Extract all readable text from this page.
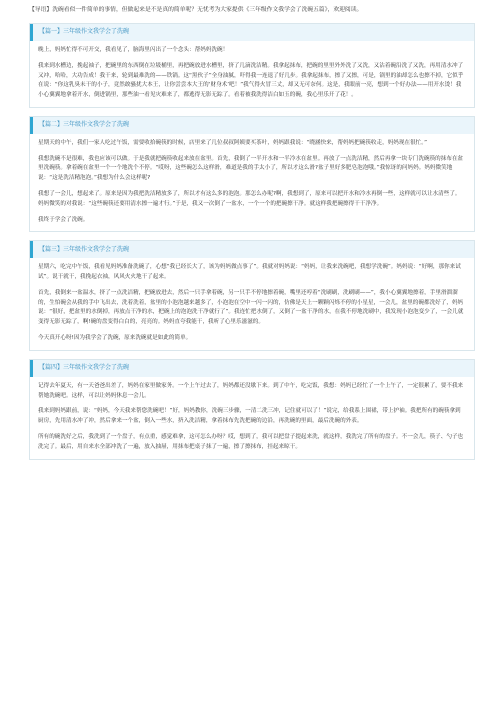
【导语】洗碗看似一件简单的事情，但做起来是不是真的简单呢？无忧考为大家提供《三年级作文我学会了洗碗五篇》，欢迎阅读。

【篇一】三年级作文我学会了洗碗

晚上，妈妈忙得不可开交，我看见了，脑海里闪出了一个念头：帮妈妈洗碗！

我来到水槽边，挽起袖子，把碗里的东西倒在垃圾桶里，再把碗放进水槽里，挤了几滴洗洁精。我拿起抹布，把碗的里里外外洗了又洗，又沾着碗沿洗了又洗，再用清水冲了又冲，哈哈，大功告成！我干来，轮到最难洗的——铁锅。这“黑伙子”全身油腻，吓得我一连退了好几步。我拿起抹布，擦了又擦，可是，锅里的油却怎么也擦不掉，它似乎在说：“你这乳臭未干的小子，竟然敢骚扰大本王，让你尝尝本大王的‘财身术’吧！”我气得火冒三丈，却又无可奈何。这是，我眼前一亮，想到一个好办法——用开水烫！我小心翼翼地拿着开水，倒进锅里，那些油一看见灾难来了，都逃得无影无踪了。看着被我洗得洁白如玉的碗，我心里乐开了花！。

【篇二】三年级作文我学会了洗碗

星期天的中午，我们一家人吃过午饭，需要收拾碗筷的时候，店里来了几位叔叔阿姨要买茶叶，妈妈跟我说：“晓涵快来，帮妈妈把碗筷收走，妈妈现在很忙。”

我想洗碗不是很难，我也应该可以做。于是我就把碗筷收起来放在盆里。首先，我倒了一半开水和一半冷水在盆里。再放了一点洗洁精，然后再拿一块专门洗碗筷的抹布在盆里洗碗筷。拿着碗在盆里一个一个地洗个不停。“哎呀，这些碗怎么这样滑，难道是我的手太小了，所以才这么滑?盆子里好多肥皂泡泡哦。”我惊讶的问妈妈。妈妈微笑地说：“这是洗洁精泡泡。”我想为什么会这样呢?

我想了一会儿，想起来了。原来是因为我把洗洁精放多了，所以才有这么多的泡泡。那怎么办呢?啊，我想到了，原来可以把开水和冷水再倒一些，这样就可以让水清些了。妈妈微笑的对我说：“这些碗筷还要用清水擦一遍才行。”于是，我又一次倒了一盆水，一个一个的把碗擦干净。就这样我把碗擦得干干净净。

我终于学会了洗碗。

【篇三】三年级作文我学会了洗碗

星期六，吃完中午饭，我看见妈妈准备洗碗了，心想“我已经长大了，该为妈妈做点事了”。我就对妈妈说：“妈妈，让我来洗碗吧，我想学洗碗”。妈妈说：“好啊，那你来试试”。说干就干，我挽起衣袖，风风火火地干了起来。

首先，我倒来一盆温水，挤了一点洗洁精，把碗放进去，然后一只手拿着碗，另一只手不停地擦着碗，嘴里还哼着“洗刷刷，洗刷刷——”，我小心翼翼地擦着，手里滑溜溜的，生怕碗会从我的手中飞出去，洗着洗着，盆里的小泡泡越来越多了，小泡泡在空中一闪一闪的，仿佛是天上一颗颗闪烁不停的小星星，一会儿，盆里的碗都洗好了，妈妈说：“很好，把盆里的水倒掉，再放点干净的水，把碗上的泡泡洗干净就行了”。我连忙把水倒了，又倒了一盆干净的水，在我不停地洗刷中，我发现小泡泡变少了，一会儿就变得无影无踪了，啊!碗的盘变得白白的，亮亮的。妈妈直夸我能干，我听了心里乐滋滋的。

今天真开心呀!因为我学会了洗碗，原来洗碗就是如此的简单。

【篇四】三年级作文我学会了洗碗

记得去年夏天，有一天爸爸出差了，妈妈在家里做家务。一个上午过去了，妈妈都还没歇下来。到了中午，吃完饭，我想：妈妈已经忙了一个上午了，一定很累了，要不我来帮她洗碗吧。这样，可以让妈妈休息一会儿。

我来到妈妈跟前，说：“妈妈，今天我来帮您洗碗吧！”好，妈妈教你，洗碗三步骤，一清二洗三冲，记住就可以了！”说完，给我系上围裙，带上护袖。我把所有的碗筷拿到厨房，先用清水冲了冲，然后拿来一个盆，倒入一些水，挤入洗洁精，拿着抹布先洗把碗的边沿，再洗碗的里面，最后洗碗的外表。

所有的碗洗好之后，我洗到了一个盘子，有点重，感觉难拿，这可怎么办呀？哎，想到了，我可以把盘子提起来洗，就这样，我洗完了所有的盘子。不一会儿，筷子、勺子也洗完了。最后，用自来水全部冲洗了一遍，放入抽屉，用抹布把桌子抹了一遍，擦了擦抹布，挂起来晾干。
